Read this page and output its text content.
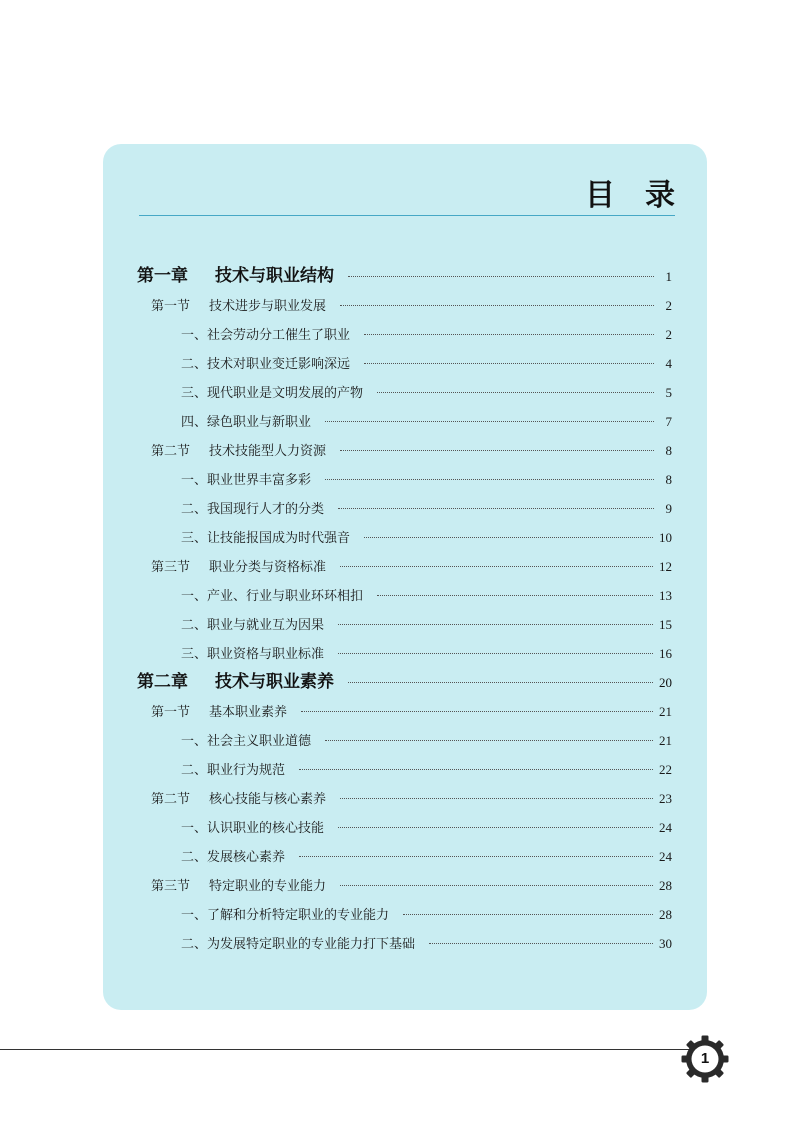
目录
第一章	技术与职业结构	1
第一节	技术进步与职业发展	2
一、 社会劳动分工催生了职业	2
二、 技术对职业变迁影响深远	4
三、 现代职业是文明发展的产物	5
四、 绿色职业与新职业	7
第二节	技术技能型人力资源	8
一、 职业世界丰富多彩	8
二、 我国现行人才的分类	9
三、 让技能报国成为时代强音	10
第三节	职业分类与资格标准	12
一、 产业、行业与职业环环相扣	13
二、 职业与就业互为因果	15
三、 职业资格与职业标准	16
第二章	技术与职业素养	20
第一节	基本职业素养	21
一、 社会主义职业道德	21
二、 职业行为规范	22
第二节	核心技能与核心素养	23
一、 认识职业的核心技能	24
二、 发展核心素养	24
第三节	特定职业的专业能力	28
一、 了解和分析特定职业的专业能力	28
二、 为发展特定职业的专业能力打下基础	30
1
